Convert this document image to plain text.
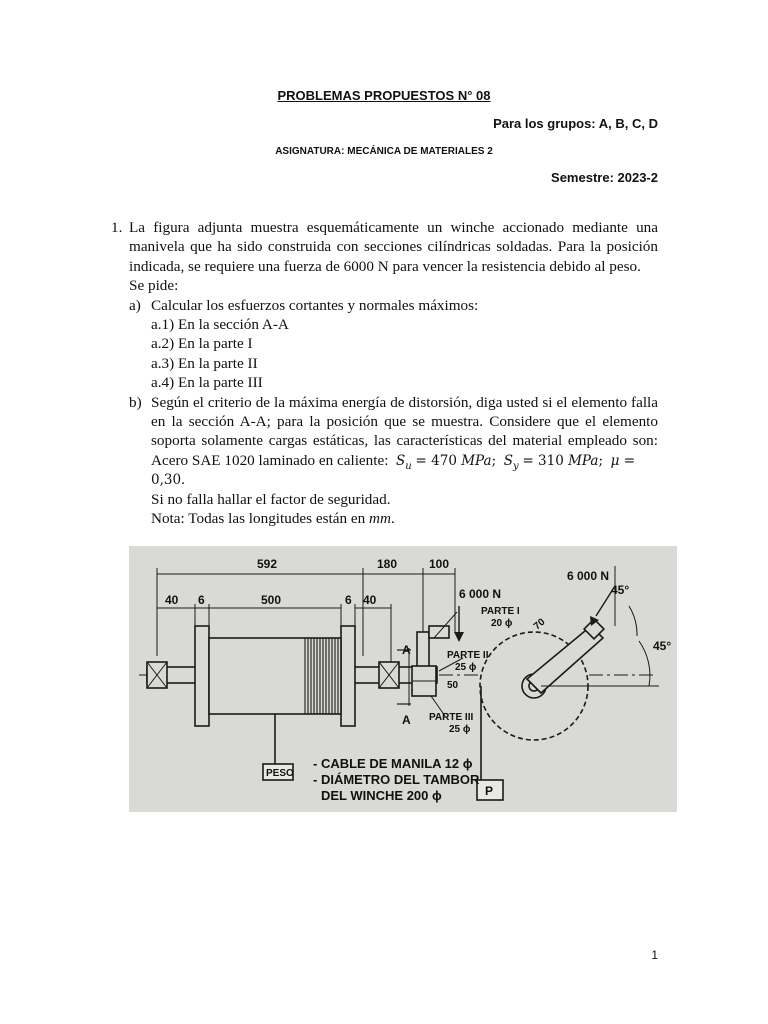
PROBLEMAS PROPUESTOS N° 08
Para los grupos: A, B, C, D
ASIGNATURA: MECÁNICA DE MATERIALES 2
Semestre: 2023-2
1. La figura adjunta muestra esquemáticamente un winche accionado mediante una
manivela que ha sido construida con secciones cilíndricas soldadas. Para la posición
indicada, se requiere una fuerza de 6000 N para vencer la resistencia debido al peso.
Se pide:
a) Calcular los esfuerzos cortantes y normales máximos:
a.1) En la sección A-A
a.2) En la parte I
a.3) En la parte II
a.4) En la parte III
b) Según el criterio de la máxima energía de distorsión, diga usted si el elemento falla
en la sección A-A; para la posición que se muestra. Considere que el elemento
soporta solamente cargas estáticas, las características del material empleado son:
Acero SAE 1020 laminado en caliente: $S_u = 470$ MPa; $S_y = 310$ MPa; μ =
0,30.
Si no falla hallar el factor de seguridad.
Nota: Todas las longitudes están en mm.
592	180	100
40 6	500	6 40	6 000 N
6 000 N
45°
45°
A
A
50
70
PESO
P
PARTE I
20 ϕ
PARTE II
25 ϕ
PARTE III
25 ϕ
- CABLE DE MANILA 12 ϕ
- DIÁMETRO DEL TAMBOR
DEL WINCHE 200 ϕ
1
